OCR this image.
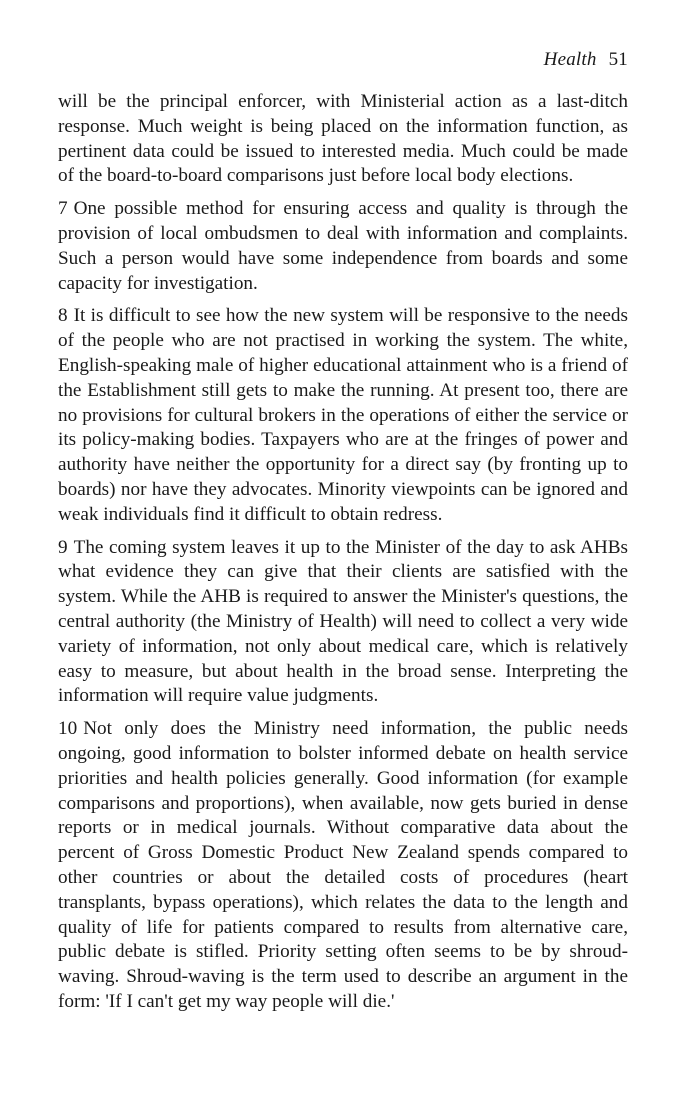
Health 51

will be the principal enforcer, with Ministerial action as a last-ditch response. Much weight is being placed on the information function, as pertinent data could be issued to interested media. Much could be made of the board-to-board comparisons just before local body elections.

7 One possible method for ensuring access and quality is through the provision of local ombudsmen to deal with information and complaints. Such a person would have some independence from boards and some capacity for investigation.

8 It is difficult to see how the new system will be responsive to the needs of the people who are not practised in working the system. The white, English-speaking male of higher educational attainment who is a friend of the Establishment still gets to make the running. At present too, there are no provisions for cultural brokers in the operations of either the service or its policy-making bodies. Taxpayers who are at the fringes of power and authority have neither the opportunity for a direct say (by fronting up to boards) nor have they advocates. Minority viewpoints can be ignored and weak individuals find it difficult to obtain redress.

9 The coming system leaves it up to the Minister of the day to ask AHBs what evidence they can give that their clients are satisfied with the system. While the AHB is required to answer the Minister's questions, the central authority (the Ministry of Health) will need to collect a very wide variety of information, not only about medical care, which is relatively easy to measure, but about health in the broad sense. Interpreting the information will require value judgments.

10 Not only does the Ministry need information, the public needs ongoing, good information to bolster informed debate on health service priorities and health policies generally. Good information (for example comparisons and proportions), when available, now gets buried in dense reports or in medical journals. Without comparative data about the percent of Gross Domestic Product New Zealand spends compared to other countries or about the detailed costs of procedures (heart transplants, bypass operations), which relates the data to the length and quality of life for patients compared to results from alternative care, public debate is stifled. Priority setting often seems to be by shroud-waving. Shroud-waving is the term used to describe an argument in the form: 'If I can't get my way people will die.'
